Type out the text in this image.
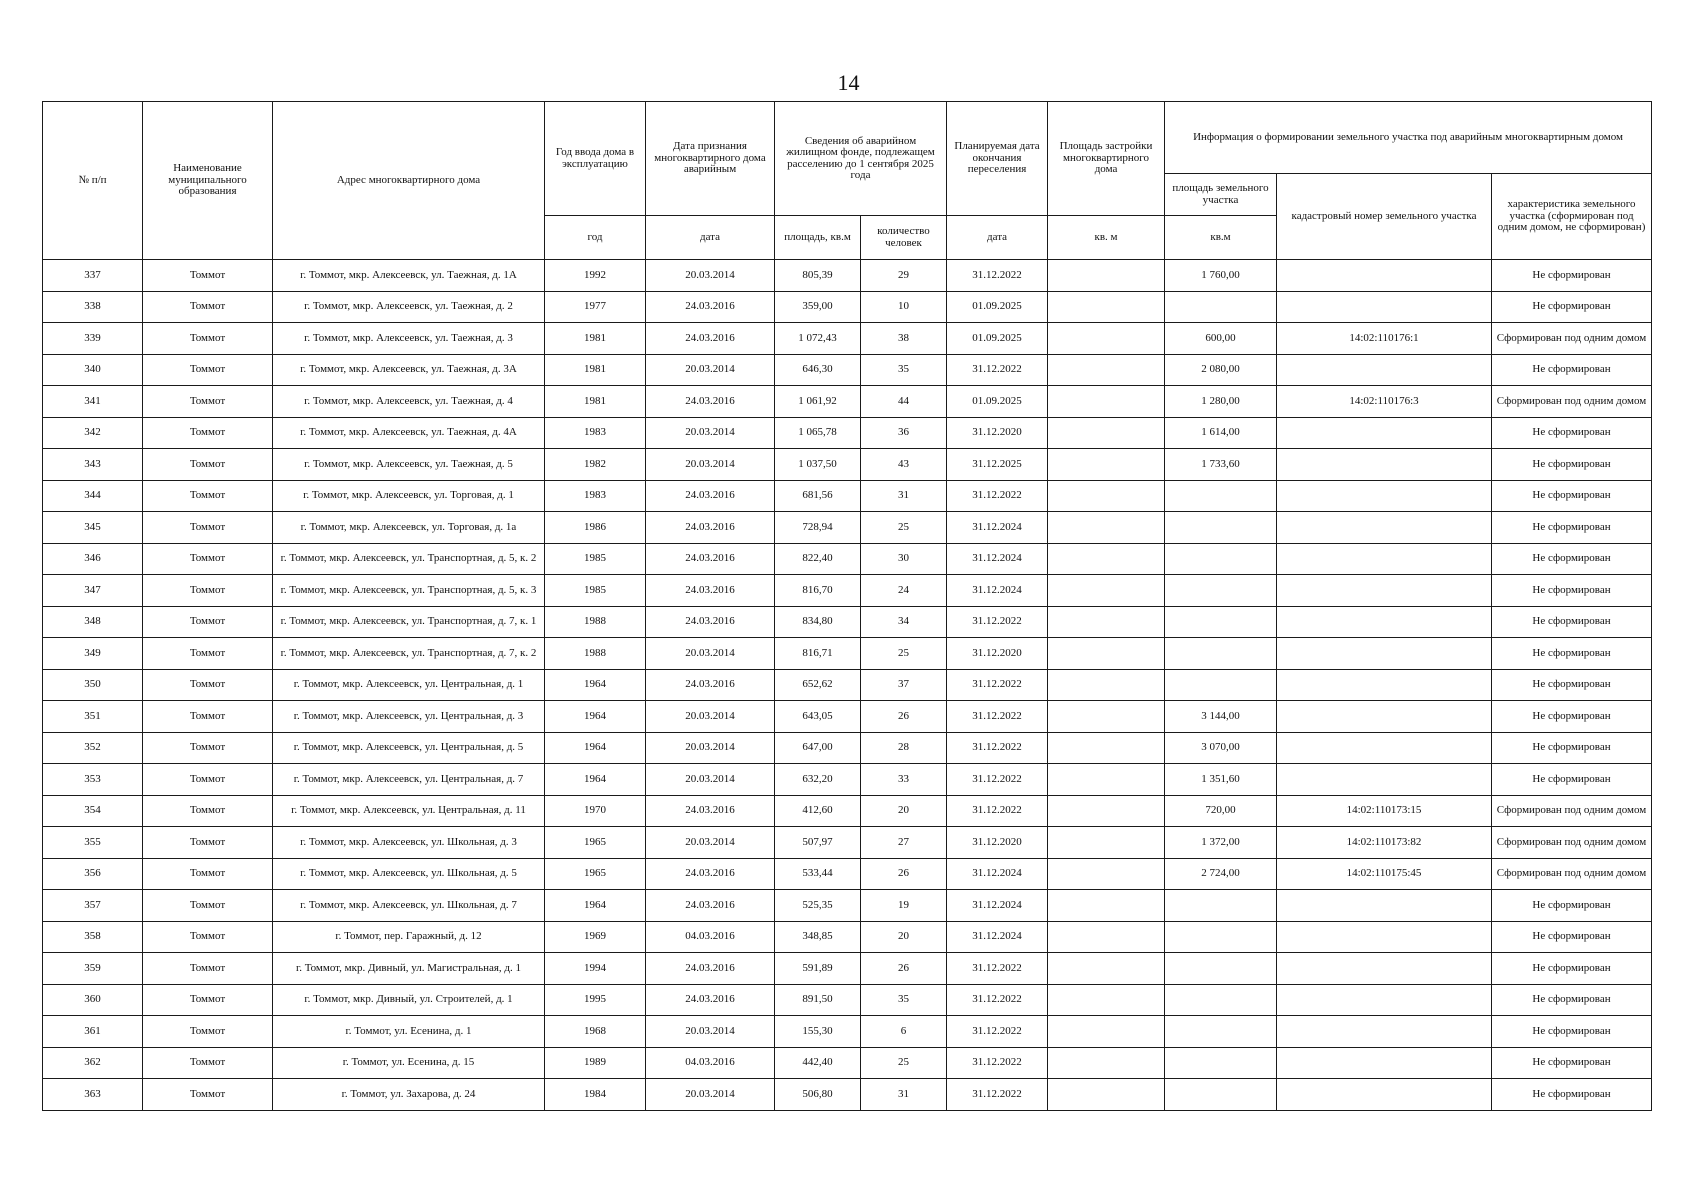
14
№ п/п	Наименование муниципального образования	Адрес многоквартирного дома	Год ввода дома в эксплуатацию	Дата признания многоквартирного дома аварийным	Сведения об аварийном жилищном фонде, подлежащем расселению до 1 сентября 2025 года		Планируемая дата окончания переселения	Площадь застройки многоквартирного дома	Информация о формировании земельного участка под аварийным многоквартирным домом		
									площадь земельного участка	кадастровый номер земельного участка	характеристика земельного участка (сформирован под одним домом, не сформирован)
			год	дата	площадь, кв.м	количество человек	дата	кв. м	кв.м		
337	Томмот	г. Томмот, мкр. Алексеевск, ул. Таежная, д. 1А	1992	20.03.2014	805,39	29	31.12.2022		1 760,00		Не сформирован
338	Томмот	г. Томмот, мкр. Алексеевск, ул. Таежная, д. 2	1977	24.03.2016	359,00	10	01.09.2025				Не сформирован
339	Томмот	г. Томмот, мкр. Алексеевск, ул. Таежная, д. 3	1981	24.03.2016	1 072,43	38	01.09.2025		600,00	14:02:110176:1	Сформирован под одним домом
340	Томмот	г. Томмот, мкр. Алексеевск, ул. Таежная, д. 3А	1981	20.03.2014	646,30	35	31.12.2022		2 080,00		Не сформирован
341	Томмот	г. Томмот, мкр. Алексеевск, ул. Таежная, д. 4	1981	24.03.2016	1 061,92	44	01.09.2025		1 280,00	14:02:110176:3	Сформирован под одним домом
342	Томмот	г. Томмот, мкр. Алексеевск, ул. Таежная, д. 4А	1983	20.03.2014	1 065,78	36	31.12.2020		1 614,00		Не сформирован
343	Томмот	г. Томмот, мкр. Алексеевск, ул. Таежная, д. 5	1982	20.03.2014	1 037,50	43	31.12.2025		1 733,60		Не сформирован
344	Томмот	г. Томмот, мкр. Алексеевск, ул. Торговая, д. 1	1983	24.03.2016	681,56	31	31.12.2022				Не сформирован
345	Томмот	г. Томмот, мкр. Алексеевск, ул. Торговая, д. 1а	1986	24.03.2016	728,94	25	31.12.2024				Не сформирован
346	Томмот	г. Томмот, мкр. Алексеевск, ул. Транспортная, д. 5, к. 2	1985	24.03.2016	822,40	30	31.12.2024				Не сформирован
347	Томмот	г. Томмот, мкр. Алексеевск, ул. Транспортная, д. 5, к. 3	1985	24.03.2016	816,70	24	31.12.2024				Не сформирован
348	Томмот	г. Томмот, мкр. Алексеевск, ул. Транспортная, д. 7, к. 1	1988	24.03.2016	834,80	34	31.12.2022				Не сформирован
349	Томмот	г. Томмот, мкр. Алексеевск, ул. Транспортная, д. 7, к. 2	1988	20.03.2014	816,71	25	31.12.2020				Не сформирован
350	Томмот	г. Томмот, мкр. Алексеевск, ул. Центральная, д. 1	1964	24.03.2016	652,62	37	31.12.2022				Не сформирован
351	Томмот	г. Томмот, мкр. Алексеевск, ул. Центральная, д. 3	1964	20.03.2014	643,05	26	31.12.2022		3 144,00		Не сформирован
352	Томмот	г. Томмот, мкр. Алексеевск, ул. Центральная, д. 5	1964	20.03.2014	647,00	28	31.12.2022		3 070,00		Не сформирован
353	Томмот	г. Томмот, мкр. Алексеевск, ул. Центральная, д. 7	1964	20.03.2014	632,20	33	31.12.2022		1 351,60		Не сформирован
354	Томмот	г. Томмот, мкр. Алексеевск, ул. Центральная, д. 11	1970	24.03.2016	412,60	20	31.12.2022		720,00	14:02:110173:15	Сформирован под одним домом
355	Томмот	г. Томмот, мкр. Алексеевск, ул. Школьная, д. 3	1965	20.03.2014	507,97	27	31.12.2020		1 372,00	14:02:110173:82	Сформирован под одним домом
356	Томмот	г. Томмот, мкр. Алексеевск, ул. Школьная, д. 5	1965	24.03.2016	533,44	26	31.12.2024		2 724,00	14:02:110175:45	Сформирован под одним домом
357	Томмот	г. Томмот, мкр. Алексеевск, ул. Школьная, д. 7	1964	24.03.2016	525,35	19	31.12.2024				Не сформирован
358	Томмот	г. Томмот, пер. Гаражный, д. 12	1969	04.03.2016	348,85	20	31.12.2024				Не сформирован
359	Томмот	г. Томмот, мкр. Дивный, ул. Магистральная, д. 1	1994	24.03.2016	591,89	26	31.12.2022				Не сформирован
360	Томмот	г. Томмот, мкр. Дивный, ул. Строителей, д. 1	1995	24.03.2016	891,50	35	31.12.2022				Не сформирован
361	Томмот	г. Томмот, ул. Есенина, д. 1	1968	20.03.2014	155,30	6	31.12.2022				Не сформирован
362	Томмот	г. Томмот, ул. Есенина, д. 15	1989	04.03.2016	442,40	25	31.12.2022				Не сформирован
363	Томмот	г. Томмот, ул. Захарова, д. 24	1984	20.03.2014	506,80	31	31.12.2022				Не сформирован
